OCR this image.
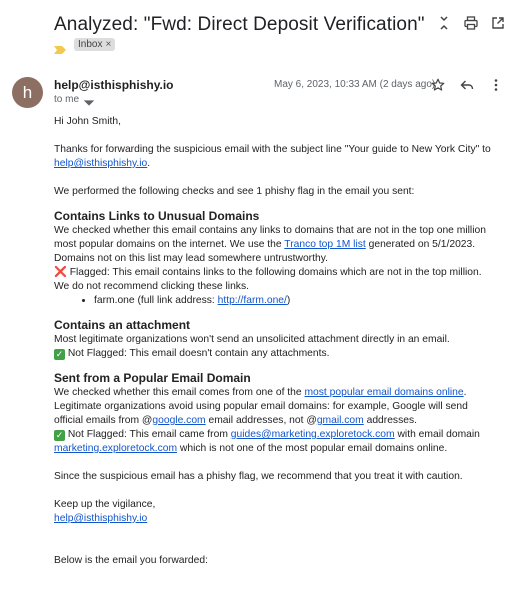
Analyzed: "Fwd: Direct Deposit Verification"
Inbox ×
h	help@isthisphishy.io
to me
May 6, 2023, 10:33 AM (2 days ago)

Hi John Smith,

Thanks for forwarding the suspicious email with the subject line "Your guide to New York City" to help@isthisphishy.io.

We performed the following checks and see 1 phishy flag in the email you sent:

Contains Links to Unusual Domains

We checked whether this email contains any links to domains that are not in the top one million most popular domains on the internet. We use the Tranco top 1M list generated on 5/1/2023. Domains not on this list may lead somewhere untrustworthy.

❌ Flagged: This email contains links to the following domains which are not in the top million. We do not recommend clicking these links.

• farm.one (full link address: http://farm.one/)
Contains an attachment

Most legitimate organizations won't send an unsolicited attachment directly in an email.

✓ Not Flagged: This email doesn't contain any attachments.

Sent from a Popular Email Domain

We checked whether this email comes from one of the most popular email domains online. Legitimate organizations avoid using popular email domains: for example, Google will send official emails from @google.com email addresses, not @gmail.com addresses.

✓ Not Flagged: This email came from guides@marketing.exploretock.com with email domain marketing.exploretock.com which is not one of the most popular email domains online.

Since the suspicious email has a phishy flag, we recommend that you treat it with caution.

Keep up the vigilance,

help@isthisphishy.io

Below is the email you forwarded:
